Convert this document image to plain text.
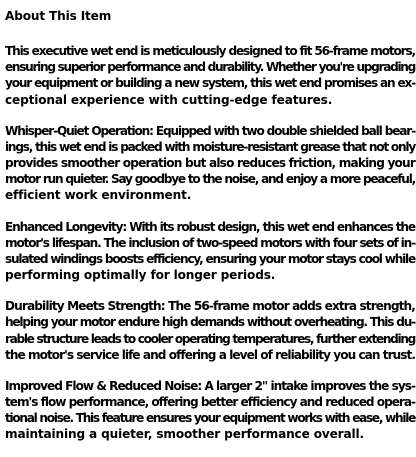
About This Item
This executive wet end is meticulously designed to fit 56-frame motors,
ensuring superior performance and durability. Whether you're upgrading
your equipment or building a new system, this wet end promises an ex-
ceptional experience with cutting-edge features.
Whisper-Quiet Operation: Equipped with two double shielded ball bear-
ings, this wet end is packed with moisture-resistant grease that not only
provides smoother operation but also reduces friction, making your
motor run quieter. Say goodbye to the noise, and enjoy a more peaceful,
efficient work environment.
Enhanced Longevity: With its robust design, this wet end enhances the
motor's lifespan. The inclusion of two-speed motors with four sets of in-
sulated windings boosts efficiency, ensuring your motor stays cool while
performing optimally for longer periods.
Durability Meets Strength: The 56-frame motor adds extra strength,
helping your motor endure high demands without overheating. This du-
rable structure leads to cooler operating temperatures, further extending
the motor's service life and offering a level of reliability you can trust.
Improved Flow & Reduced Noise: A larger 2" intake improves the sys-
tem's flow performance, offering better efficiency and reduced opera-
tional noise. This feature ensures your equipment works with ease, while
maintaining a quieter, smoother performance overall.
